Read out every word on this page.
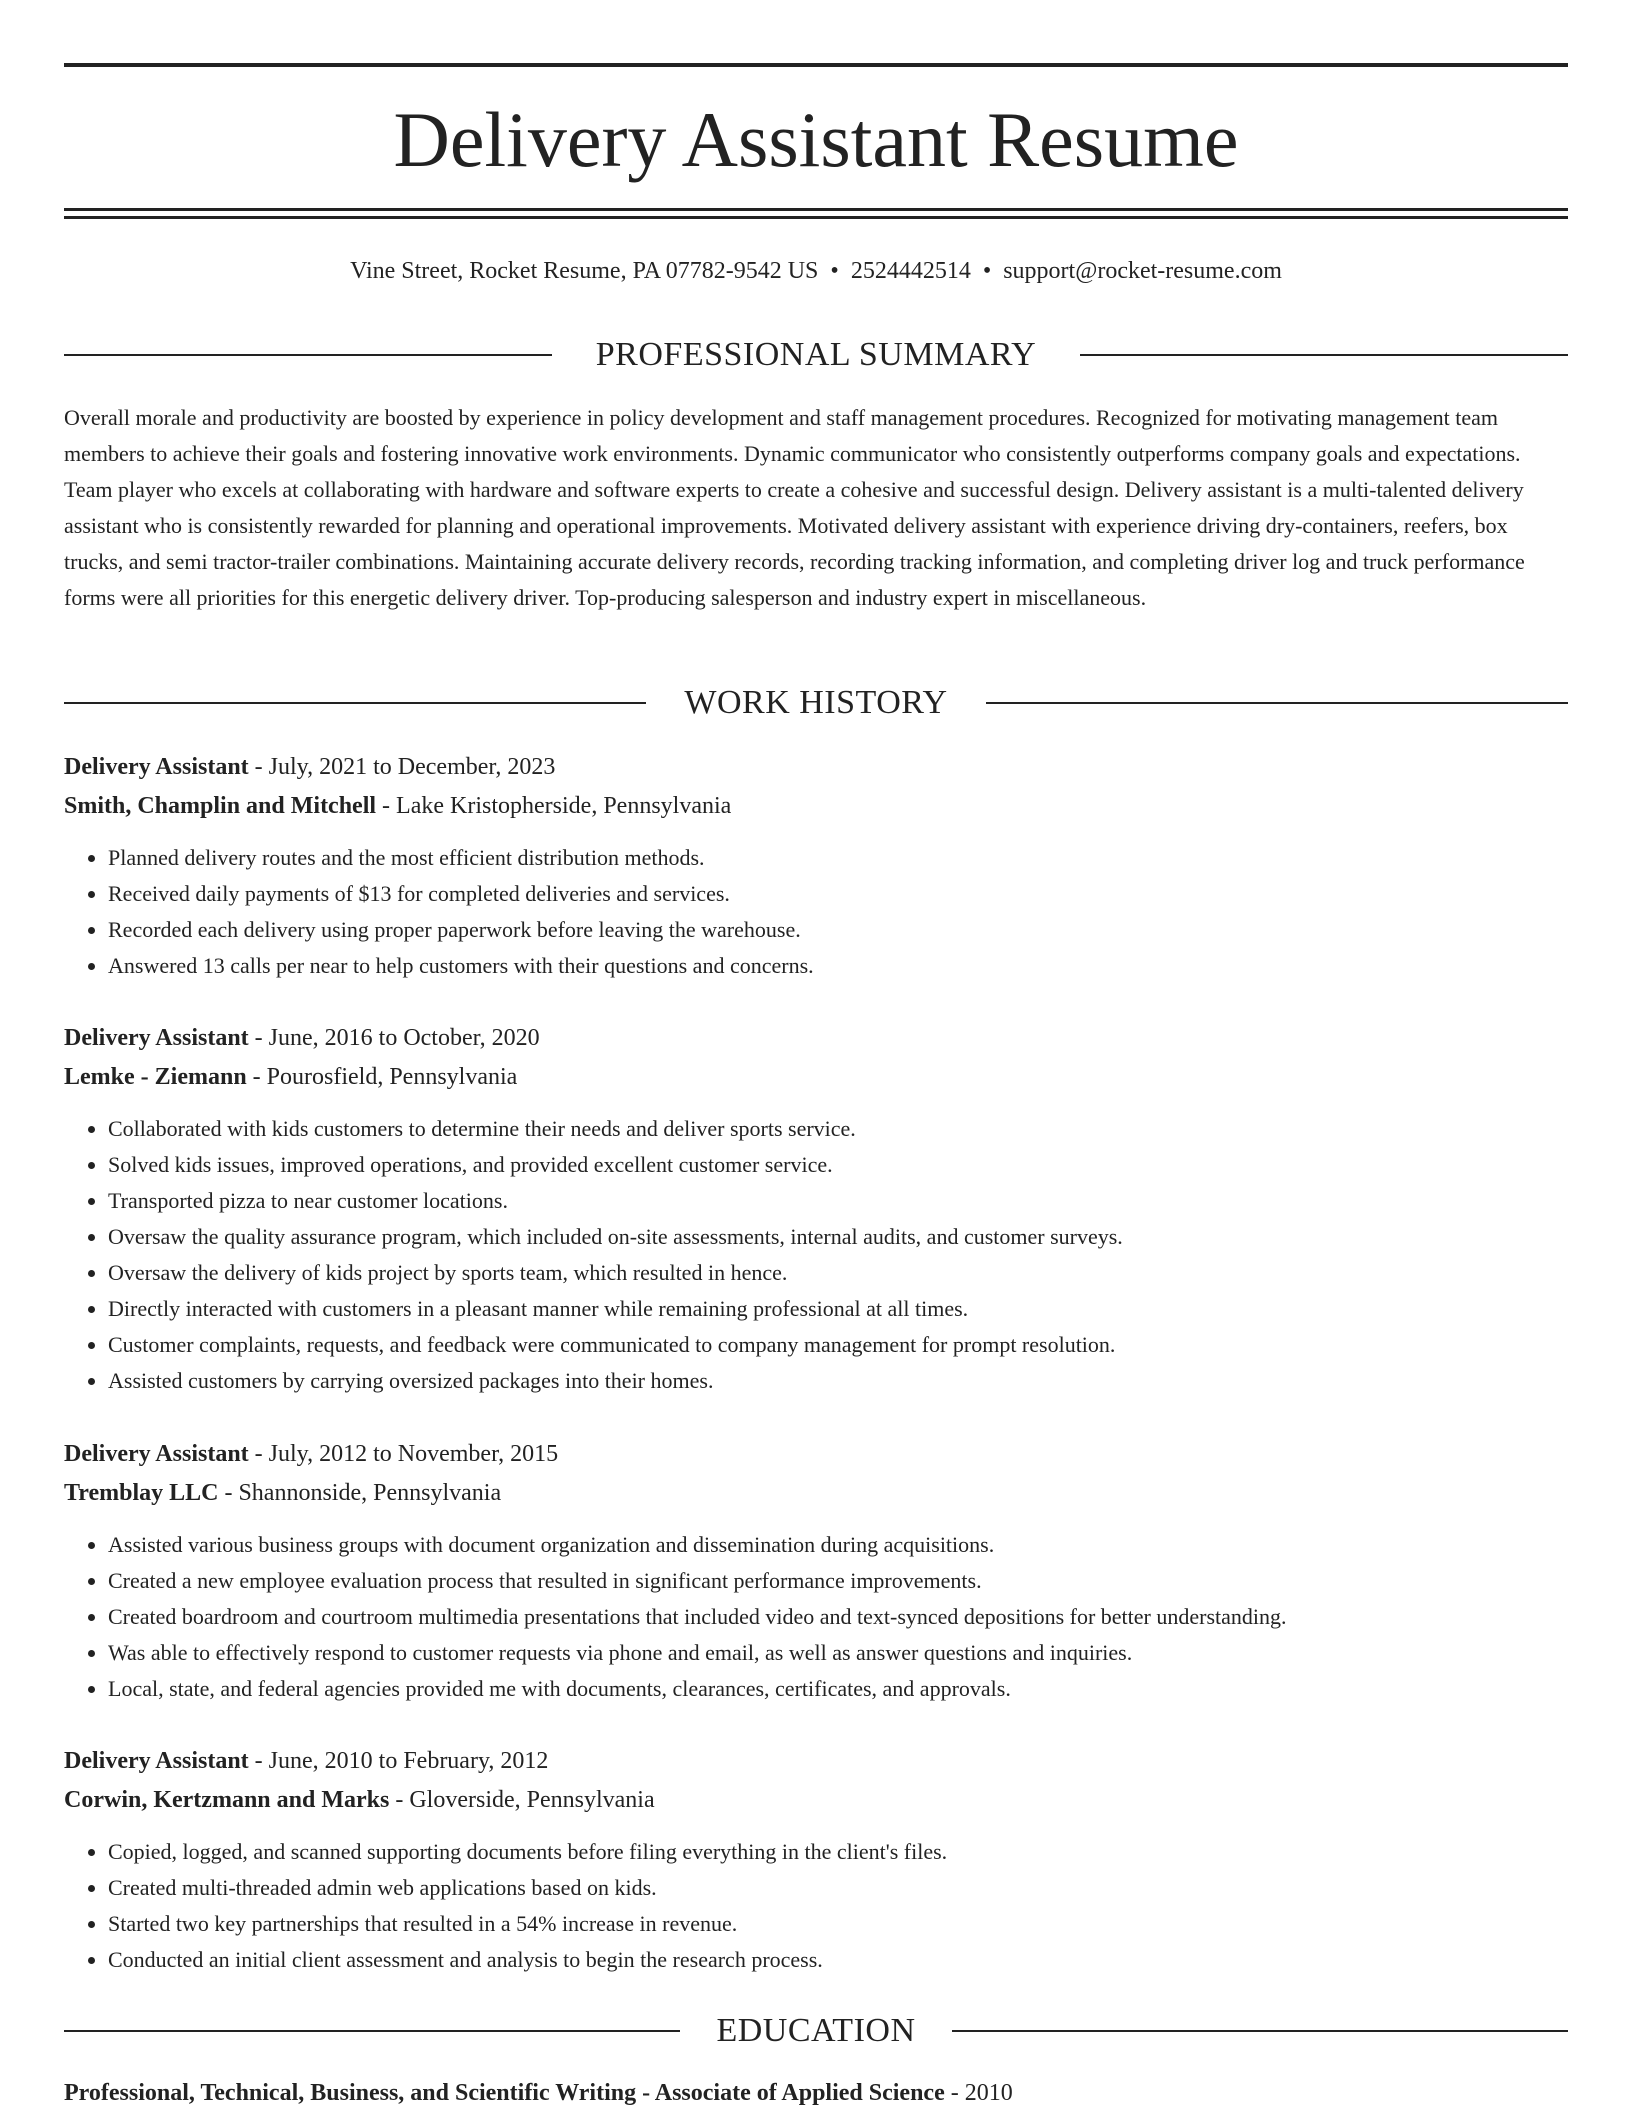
Delivery Assistant Resume
Vine Street, Rocket Resume, PA 07782-9542 US • 2524442514 • support@rocket-resume.com
PROFESSIONAL SUMMARY
Overall morale and productivity are boosted by experience in policy development and staff management procedures. Recognized for motivating management team members to achieve their goals and fostering innovative work environments. Dynamic communicator who consistently outperforms company goals and expectations. Team player who excels at collaborating with hardware and software experts to create a cohesive and successful design. Delivery assistant is a multi-talented delivery assistant who is consistently rewarded for planning and operational improvements. Motivated delivery assistant with experience driving dry-containers, reefers, box trucks, and semi tractor-trailer combinations. Maintaining accurate delivery records, recording tracking information, and completing driver log and truck performance forms were all priorities for this energetic delivery driver. Top-producing salesperson and industry expert in miscellaneous.
WORK HISTORY
Delivery Assistant - July, 2021 to December, 2023
Smith, Champlin and Mitchell - Lake Kristopherside, Pennsylvania
• Planned delivery routes and the most efficient distribution methods.
• Received daily payments of $13 for completed deliveries and services.
• Recorded each delivery using proper paperwork before leaving the warehouse.
• Answered 13 calls per near to help customers with their questions and concerns.
Delivery Assistant - June, 2016 to October, 2020
Lemke - Ziemann - Pourosfield, Pennsylvania
• Collaborated with kids customers to determine their needs and deliver sports service.
• Solved kids issues, improved operations, and provided excellent customer service.
• Transported pizza to near customer locations.
• Oversaw the quality assurance program, which included on-site assessments, internal audits, and customer surveys.
• Oversaw the delivery of kids project by sports team, which resulted in hence.
• Directly interacted with customers in a pleasant manner while remaining professional at all times.
• Customer complaints, requests, and feedback were communicated to company management for prompt resolution.
• Assisted customers by carrying oversized packages into their homes.
Delivery Assistant - July, 2012 to November, 2015
Tremblay LLC - Shannonside, Pennsylvania
• Assisted various business groups with document organization and dissemination during acquisitions.
• Created a new employee evaluation process that resulted in significant performance improvements.
• Created boardroom and courtroom multimedia presentations that included video and text-synced depositions for better understanding.
• Was able to effectively respond to customer requests via phone and email, as well as answer questions and inquiries.
• Local, state, and federal agencies provided me with documents, clearances, certificates, and approvals.
Delivery Assistant - June, 2010 to February, 2012
Corwin, Kertzmann and Marks - Gloverside, Pennsylvania
• Copied, logged, and scanned supporting documents before filing everything in the client's files.
• Created multi-threaded admin web applications based on kids.
• Started two key partnerships that resulted in a 54% increase in revenue.
• Conducted an initial client assessment and analysis to begin the research process.
EDUCATION
Professional, Technical, Business, and Scientific Writing - Associate of Applied Science - 2010
